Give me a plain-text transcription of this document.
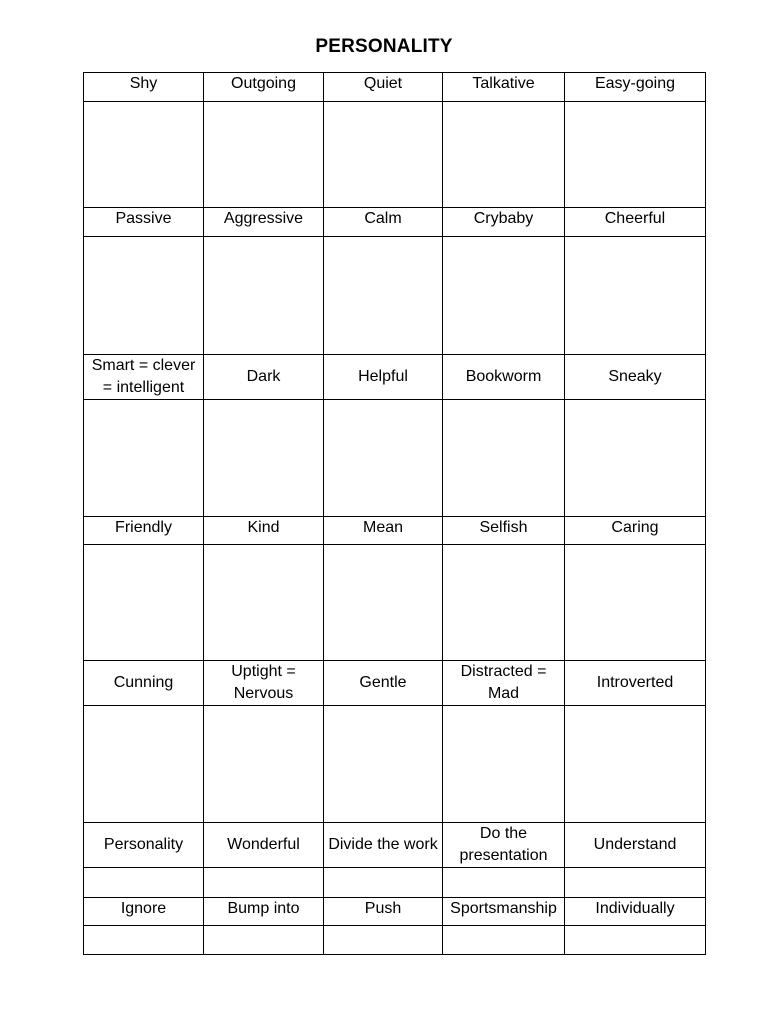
PERSONALITY
Shy	Outgoing	Quiet	Talkative	Easy-going

Passive	Aggressive	Calm	Crybaby	Cheerful

Smart = clever = intelligent	Dark	Helpful	Bookworm	Sneaky

Friendly	Kind	Mean	Selfish	Caring

Cunning	Uptight = Nervous	Gentle	Distracted = Mad	Introverted

Personality	Wonderful	Divide the work	Do the presentation	Understand

Ignore	Bump into	Push	Sportsmanship	Individually
